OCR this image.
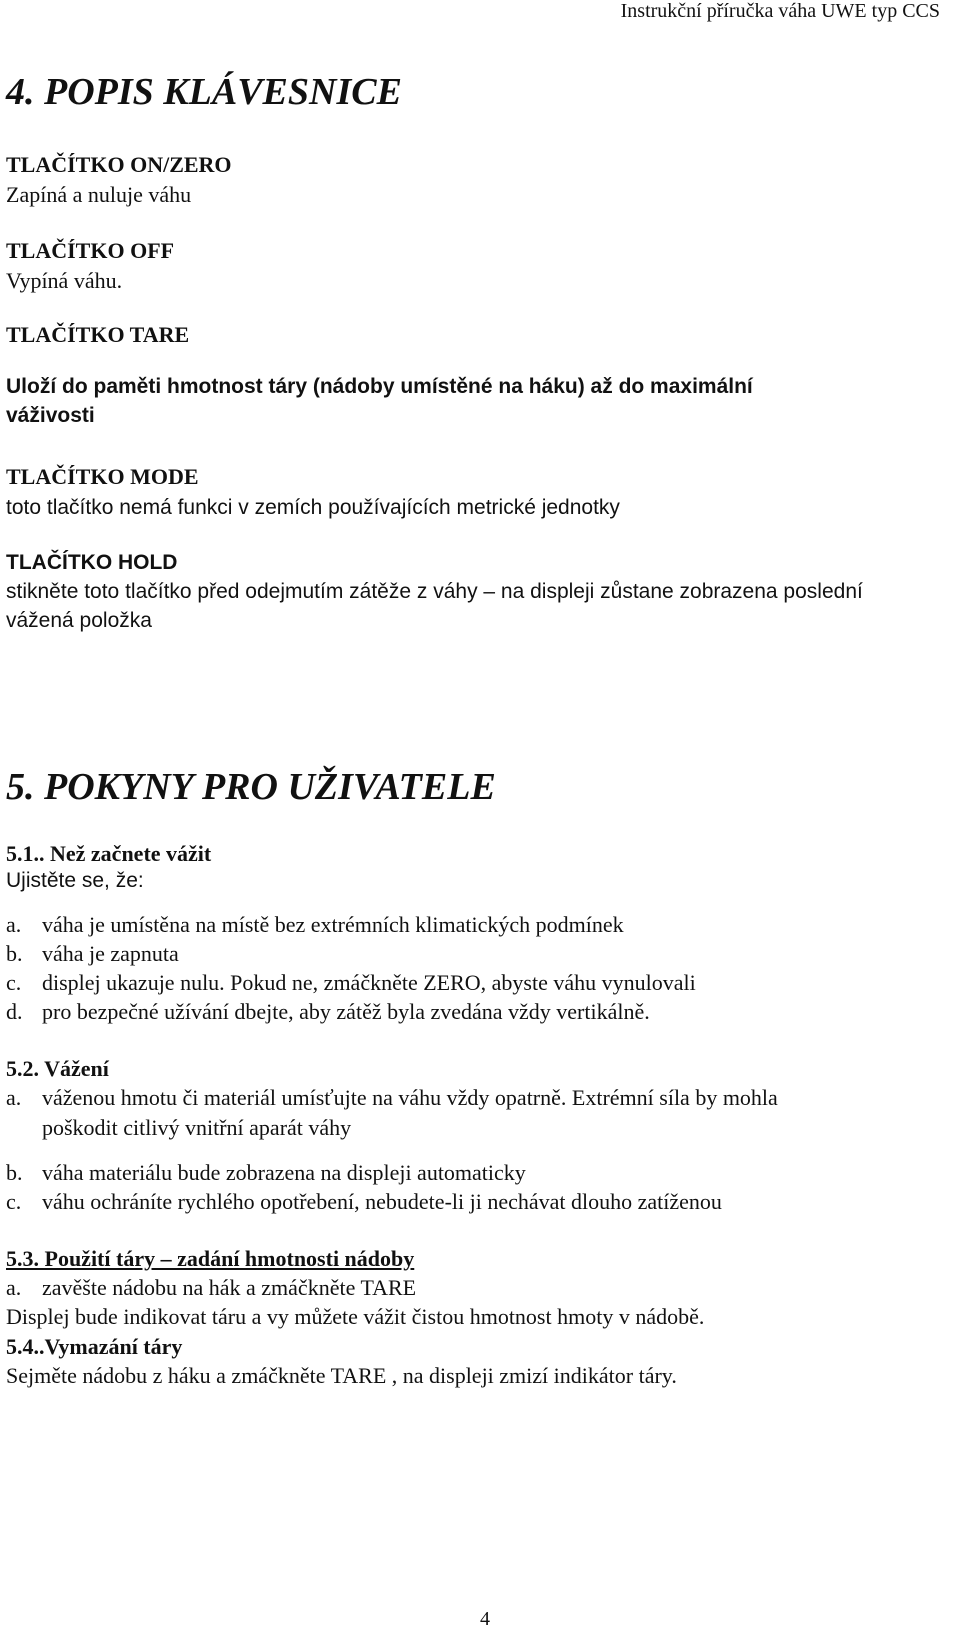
Instrukční příručka váha UWE typ CCS
4. POPIS KLÁVESNICE
TLAČÍTKO ON/ZERO
Zapíná a nuluje váhu
TLAČÍTKO OFF
Vypíná váhu.
TLAČÍTKO TARE
Uloží do paměti hmotnost táry (nádoby umístěné na háku) až do maximální
váživosti
TLAČÍTKO MODE
toto tlačítko nemá funkci v zemích používajících metrické jednotky
TLAČÍTKO HOLD
stikněte toto tlačítko před odejmutím zátěže z váhy – na displeji zůstane zobrazena poslední
vážená položka
5. POKYNY PRO UŽIVATELE
5.1.. Než začnete vážit
Ujistěte se, že:
a. váha je umístěna na místě bez extrémních klimatických podmínek
b. váha je zapnuta
c. displej ukazuje nulu. Pokud ne, zmáčkněte ZERO, abyste váhu vynulovali
d. pro bezpečné užívání dbejte, aby zátěž byla zvedána vždy vertikálně.
5.2. Vážení
a. váženou hmotu či materiál umísťujte na váhu vždy opatrně. Extrémní síla by mohla
poškodit citlivý vnitřní aparát váhy
b. váha materiálu bude zobrazena na displeji automaticky
c. váhu ochráníte rychlého opotřebení, nebudete-li ji nechávat dlouho zatíženou
5.3. Použití táry – zadání hmotnosti nádoby
a. zavěšte nádobu na hák a zmáčkněte TARE
Displej bude indikovat táru a vy můžete vážit čistou hmotnost hmoty v nádobě.
5.4..Vymazání táry
Sejměte nádobu z háku a zmáčkněte TARE , na displeji zmizí indikátor táry.
4
